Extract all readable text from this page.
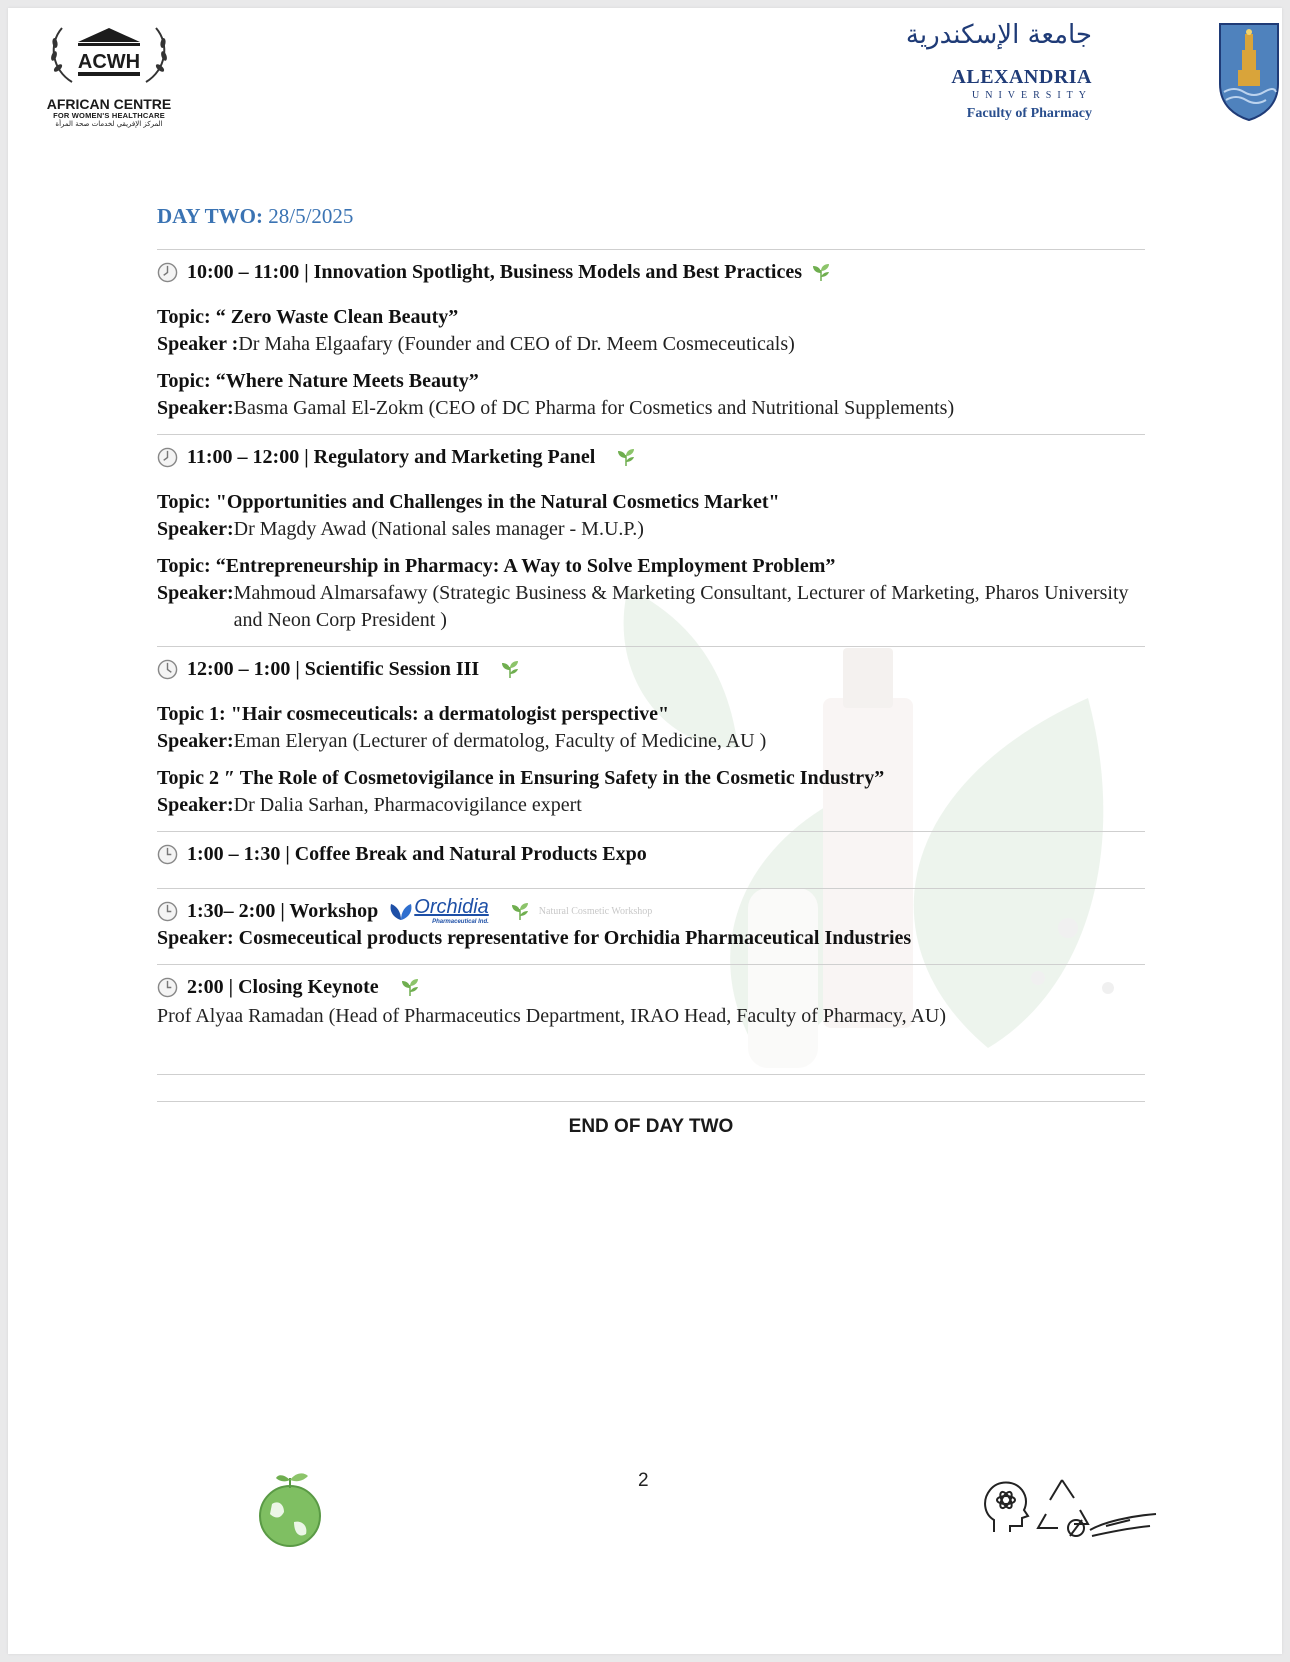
ACWH
AFRICAN CENTRE
FOR WOMEN'S HEALTHCARE
المركز الإفريقي لخدمات صحة المرأة
جامعة الإسكندرية
ALEXANDRIA
UNIVERSITY
Faculty of Pharmacy
DAY TWO: 28/5/2025
10:00 – 11:00 | Innovation Spotlight, Business Models and Best Practices
Topic: “ Zero Waste Clean Beauty”
Speaker : Dr Maha Elgaafary (Founder and CEO of Dr. Meem Cosmeceuticals)
Topic: “Where Nature Meets Beauty”
Speaker: Basma Gamal El-Zokm (CEO of DC Pharma for Cosmetics and Nutritional Supplements)
11:00 – 12:00 | Regulatory and Marketing Panel
Topic: "Opportunities and Challenges in the Natural Cosmetics Market"
Speaker: Dr Magdy Awad (National sales manager - M.U.P.)
Topic: “Entrepreneurship in Pharmacy: A Way to Solve Employment Problem”
Speaker: Mahmoud Almarsafawy (Strategic Business & Marketing Consultant, Lecturer of Marketing, Pharos University and Neon Corp President )
12:00 – 1:00 | Scientific Session III
Topic 1: "Hair cosmeceuticals: a dermatologist perspective"
Speaker: Eman Eleryan (Lecturer of dermatolog, Faculty of Medicine, AU )
Topic 2 ″ The Role of Cosmetovigilance in Ensuring Safety in the Cosmetic Industry”
Speaker: Dr Dalia Sarhan, Pharmacovigilance expert
1:00 – 1:30 | Coffee Break and Natural Products Expo
1:30– 2:00 | Workshop Orchidia
Pharmaceutical Ind.
Natural Cosmetic Workshop
Speaker: Cosmeceutical products representative for Orchidia Pharmaceutical Industries
2:00 | Closing Keynote
Prof Alyaa Ramadan (Head of Pharmaceutics Department, IRAO Head, Faculty of Pharmacy, AU)
END OF DAY TWO
2
